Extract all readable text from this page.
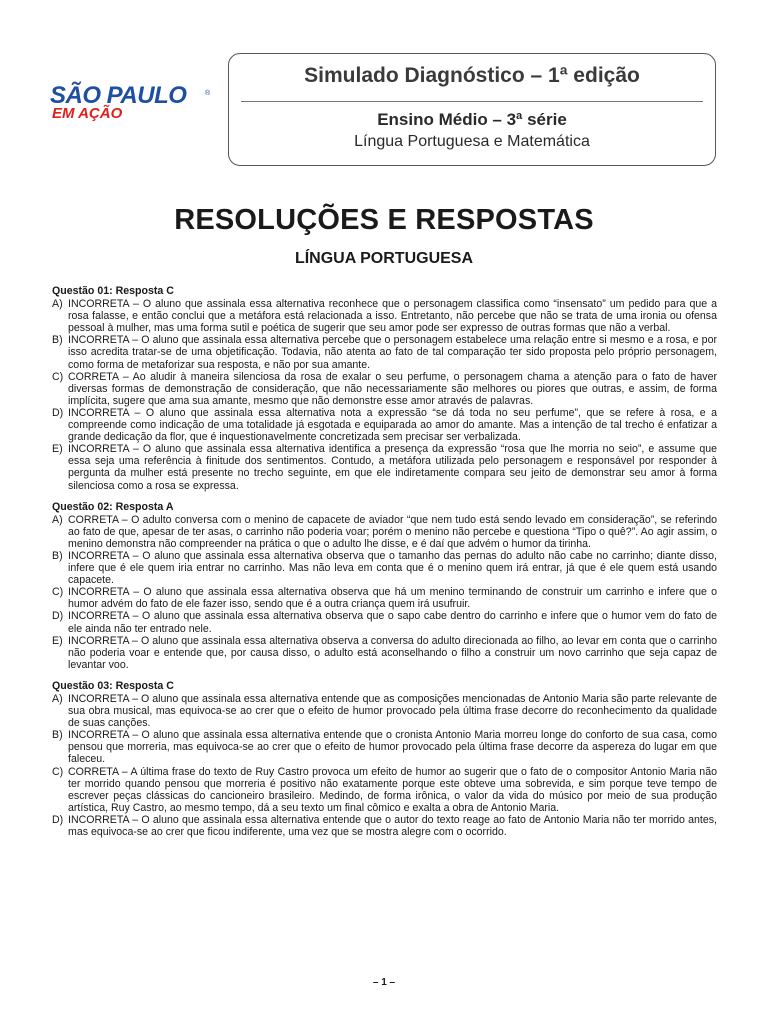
SÃO PAULO	®
EM AÇÃO
Simulado Diagnóstico – 1ª edição
Ensino Médio – 3ª série
Língua Portuguesa e Matemática
RESOLUÇÕES E RESPOSTAS
LÍNGUA PORTUGUESA
Questão 01: Resposta C
A) INCORRETA – O aluno que assinala essa alternativa reconhece que o personagem classifica como “insensato” um pedido para que a rosa falasse, e então conclui que a metáfora está relacionada a isso. Entretanto, não percebe que não se trata de uma ironia ou ofensa pessoal à mulher, mas uma forma sutil e poética de sugerir que seu amor pode ser expresso de outras formas que não a verbal.
B) INCORRETA – O aluno que assinala essa alternativa percebe que o personagem estabelece uma relação entre si mesmo e a rosa, e por isso acredita tratar-se de uma objetificação. Todavia, não atenta ao fato de tal comparação ter sido proposta pelo próprio personagem, como forma de metaforizar sua resposta, e não por sua amante.
C) CORRETA – Ao aludir à maneira silenciosa da rosa de exalar o seu perfume, o personagem chama a atenção para o fato de haver diversas formas de demonstração de consideração, que não necessariamente são melhores ou piores que outras, e assim, de forma implícita, sugere que ama sua amante, mesmo que não demonstre esse amor através de palavras.
D) INCORRETA – O aluno que assinala essa alternativa nota a expressão “se dá toda no seu perfume”, que se refere à rosa, e a compreende como indicação de uma totalidade já esgotada e equiparada ao amor do amante. Mas a intenção de tal trecho é enfatizar a grande dedicação da flor, que é inquestionavelmente concretizada sem precisar ser verbalizada.
E) INCORRETA – O aluno que assinala essa alternativa identifica a presença da expressão “rosa que lhe morria no seio”, e assume que essa seja uma referência à finitude dos sentimentos. Contudo, a metáfora utilizada pelo personagem e responsável por responder à pergunta da mulher está presente no trecho seguinte, em que ele indiretamente compara seu jeito de demonstrar seu amor à forma silenciosa como a rosa se expressa.
Questão 02: Resposta A
A) CORRETA – O adulto conversa com o menino de capacete de aviador “que nem tudo está sendo levado em consideração”, se referindo ao fato de que, apesar de ter asas, o carrinho não poderia voar; porém o menino não percebe e questiona “Tipo o quê?”. Ao agir assim, o menino demonstra não compreender na prática o que o adulto lhe disse, e é daí que advém o humor da tirinha.
B) INCORRETA – O aluno que assinala essa alternativa observa que o tamanho das pernas do adulto não cabe no carrinho; diante disso, infere que é ele quem iria entrar no carrinho. Mas não leva em conta que é o menino quem irá entrar, já que é ele quem está usando capacete.
C) INCORRETA – O aluno que assinala essa alternativa observa que há um menino terminando de construir um carrinho e infere que o humor advém do fato de ele fazer isso, sendo que é a outra criança quem irá usufruir.
D) INCORRETA – O aluno que assinala essa alternativa observa que o sapo cabe dentro do carrinho e infere que o humor vem do fato de ele ainda não ter entrado nele.
E) INCORRETA – O aluno que assinala essa alternativa observa a conversa do adulto direcionada ao filho, ao levar em conta que o carrinho não poderia voar e entende que, por causa disso, o adulto está aconselhando o filho a construir um novo carrinho que seja capaz de levantar voo.
Questão 03: Resposta C
A) INCORRETA – O aluno que assinala essa alternativa entende que as composições mencionadas de Antonio Maria são parte relevante de sua obra musical, mas equivoca-se ao crer que o efeito de humor provocado pela última frase decorre do reconhecimento da qualidade de suas canções.
B) INCORRETA – O aluno que assinala essa alternativa entende que o cronista Antonio Maria morreu longe do conforto de sua casa, como pensou que morreria, mas equivoca-se ao crer que o efeito de humor provocado pela última frase decorre da aspereza do lugar em que faleceu.
C) CORRETA – A última frase do texto de Ruy Castro provoca um efeito de humor ao sugerir que o fato de o compositor Antonio Maria não ter morrido quando pensou que morreria é positivo não exatamente porque este obteve uma sobrevida, e sim porque teve tempo de escrever peças clássicas do cancioneiro brasileiro. Medindo, de forma irônica, o valor da vida do músico por meio de sua produção artística, Ruy Castro, ao mesmo tempo, dá a seu texto um final cômico e exalta a obra de Antonio Maria.
D) INCORRETA – O aluno que assinala essa alternativa entende que o autor do texto reage ao fato de Antonio Maria não ter morrido antes, mas equivoca-se ao crer que ficou indiferente, uma vez que se mostra alegre com o ocorrido.
– 1 –
